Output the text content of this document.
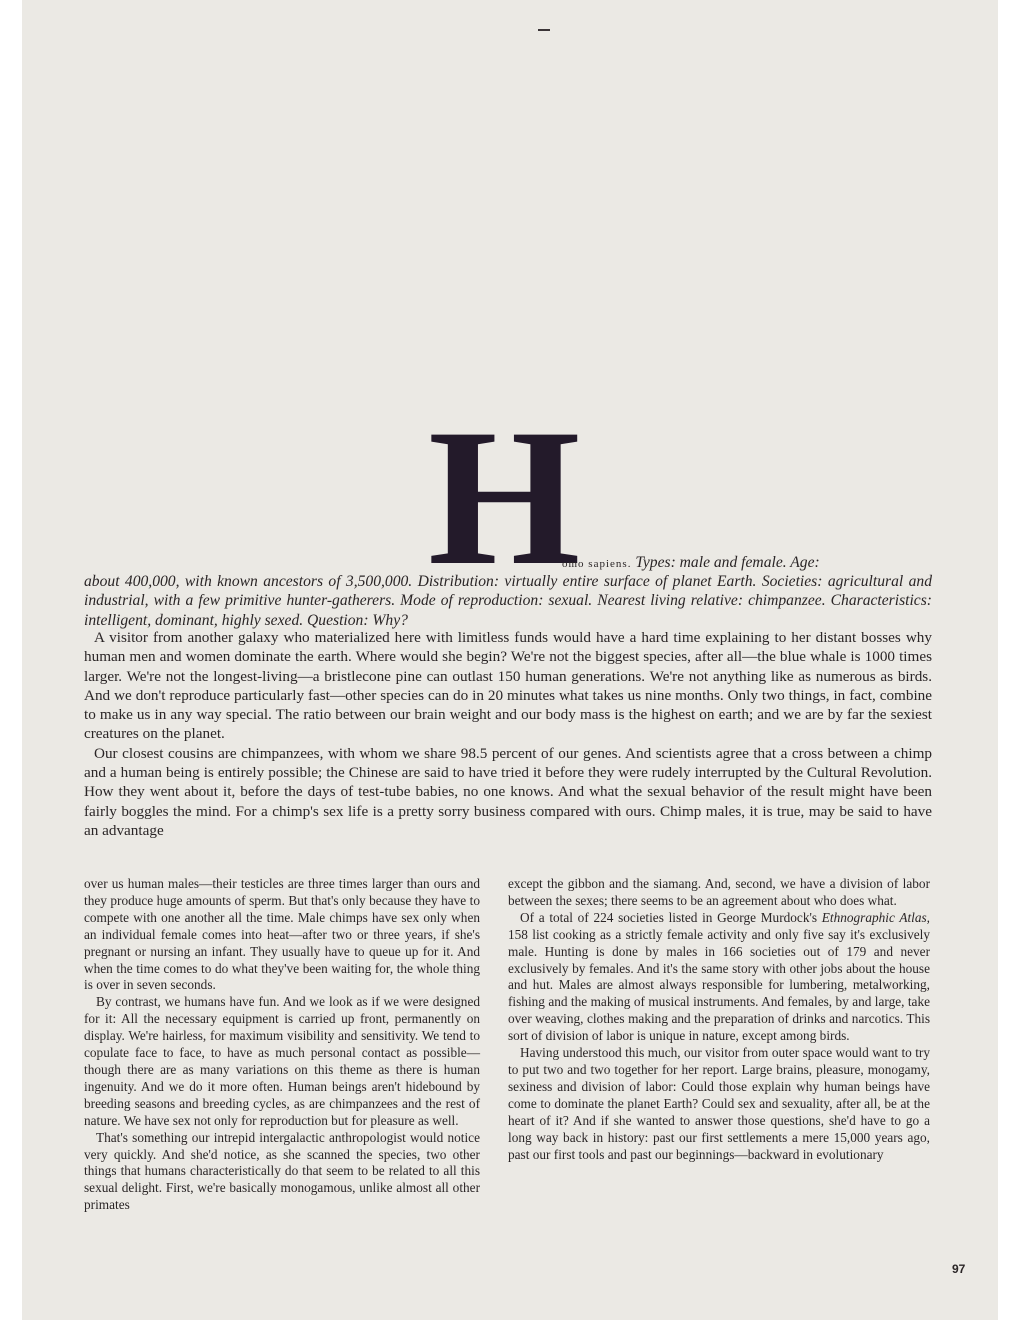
H
omo sapiens. Types: male and female. Age:
about 400,000, with known ancestors of 3,500,000. Distribution: virtually entire surface of planet Earth. Societies: agricultural and industrial, with a few primitive hunter-gatherers. Mode of reproduction: sexual. Nearest living relative: chimpanzee. Characteristics: intelligent, dominant, highly sexed. Question: Why?

A visitor from another galaxy who materialized here with limitless funds would have a hard time explaining to her distant bosses why human men and women dominate the earth. Where would she begin? We're not the biggest species, after all—the blue whale is 1000 times larger. We're not the longest-living—a bristlecone pine can outlast 150 human generations. We're not anything like as numerous as birds. And we don't reproduce particularly fast—other species can do in 20 minutes what takes us nine months. Only two things, in fact, combine to make us in any way special. The ratio between our brain weight and our body mass is the highest on earth; and we are by far the sexiest creatures on the planet.

Our closest cousins are chimpanzees, with whom we share 98.5 percent of our genes. And scientists agree that a cross between a chimp and a human being is entirely possible; the Chinese are said to have tried it before they were rudely interrupted by the Cultural Revolution. How they went about it, before the days of test-tube babies, no one knows. And what the sexual behavior of the result might have been fairly boggles the mind. For a chimp's sex life is a pretty sorry business compared with ours. Chimp males, it is true, may be said to have an advantage

over us human males—their testicles are three times larger than ours and they produce huge amounts of sperm. But that's only because they have to compete with one another all the time. Male chimps have sex only when an individual female comes into heat—after two or three years, if she's pregnant or nursing an infant. They usually have to queue up for it. And when the time comes to do what they've been waiting for, the whole thing is over in seven seconds.

By contrast, we humans have fun. And we look as if we were designed for it: All the necessary equipment is carried up front, permanently on display. We're hairless, for maximum visibility and sensitivity. We tend to copulate face to face, to have as much personal contact as possible—though there are as many variations on this theme as there is human ingenuity. And we do it more often. Human beings aren't hidebound by breeding seasons and breeding cycles, as are chimpanzees and the rest of nature. We have sex not only for reproduction but for pleasure as well.

That's something our intrepid intergalactic anthropologist would notice very quickly. And she'd notice, as she scanned the species, two other things that humans characteristically do that seem to be related to all this sexual delight. First, we're basically monogamous, unlike almost all other primates

except the gibbon and the siamang. And, second, we have a division of labor between the sexes; there seems to be an agreement about who does what.

Of a total of 224 societies listed in George Murdock's Ethnographic Atlas, 158 list cooking as a strictly female activity and only five say it's exclusively male. Hunting is done by males in 166 societies out of 179 and never exclusively by females. And it's the same story with other jobs about the house and hut. Males are almost always responsible for lumbering, metalworking, fishing and the making of musical instruments. And females, by and large, take over weaving, clothes making and the preparation of drinks and narcotics. This sort of division of labor is unique in nature, except among birds.

Having understood this much, our visitor from outer space would want to try to put two and two together for her report. Large brains, pleasure, monogamy, sexiness and division of labor: Could those explain why human beings have come to dominate the planet Earth? Could sex and sexuality, after all, be at the heart of it? And if she wanted to answer those questions, she'd have to go a long way back in history: past our first settlements a mere 15,000 years ago, past our first tools and past our beginnings—backward in evolutionary

97
